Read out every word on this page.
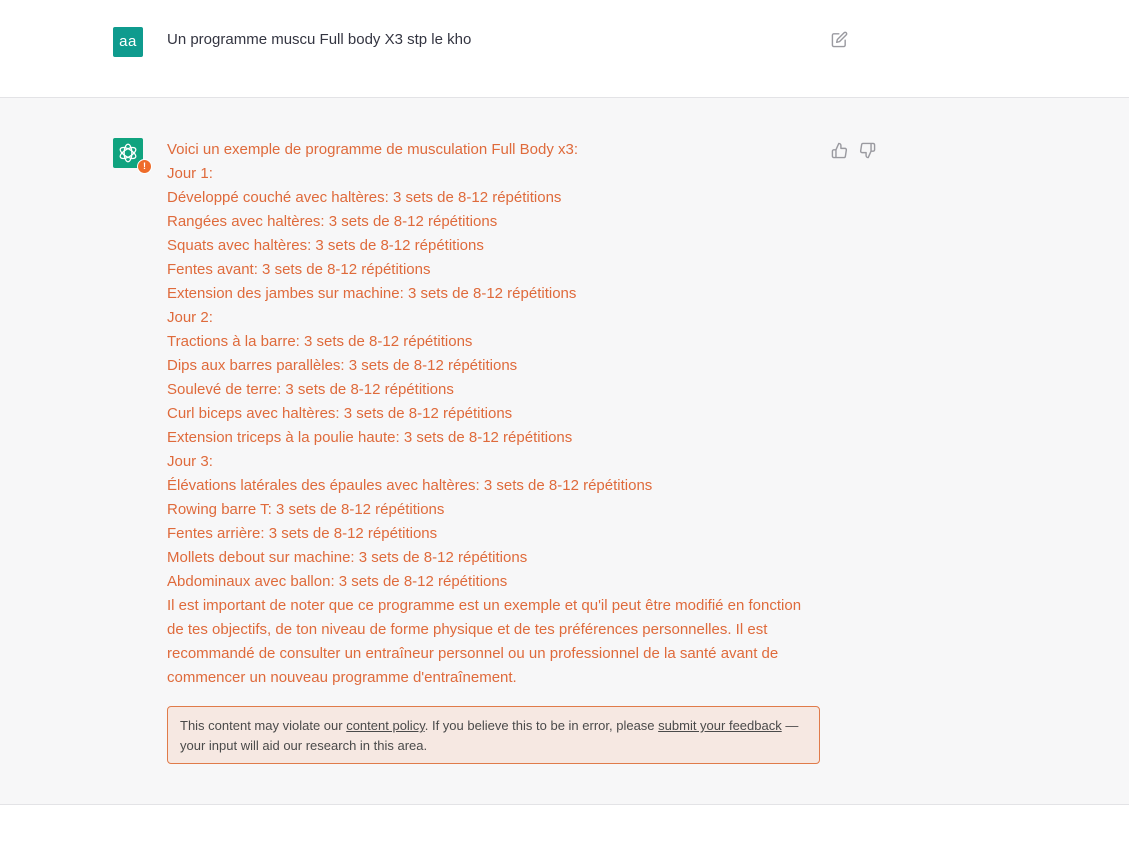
aa	Un programme muscu Full body X3 stp le kho
!
Voici un exemple de programme de musculation Full Body x3:
Jour 1:
Développé couché avec haltères: 3 sets de 8-12 répétitions
Rangées avec haltères: 3 sets de 8-12 répétitions
Squats avec haltères: 3 sets de 8-12 répétitions
Fentes avant: 3 sets de 8-12 répétitions
Extension des jambes sur machine: 3 sets de 8-12 répétitions
Jour 2:
Tractions à la barre: 3 sets de 8-12 répétitions
Dips aux barres parallèles: 3 sets de 8-12 répétitions
Soulevé de terre: 3 sets de 8-12 répétitions
Curl biceps avec haltères: 3 sets de 8-12 répétitions
Extension triceps à la poulie haute: 3 sets de 8-12 répétitions
Jour 3:
Élévations latérales des épaules avec haltères: 3 sets de 8-12 répétitions
Rowing barre T: 3 sets de 8-12 répétitions
Fentes arrière: 3 sets de 8-12 répétitions
Mollets debout sur machine: 3 sets de 8-12 répétitions
Abdominaux avec ballon: 3 sets de 8-12 répétitions
Il est important de noter que ce programme est un exemple et qu'il peut être modifié en fonction de tes objectifs, de ton niveau de forme physique et de tes préférences personnelles. Il est recommandé de consulter un entraîneur personnel ou un professionnel de la santé avant de commencer un nouveau programme d'entraînement.
This content may violate our content policy. If you believe this to be in error, please submit your feedback — your input will aid our research in this area.
